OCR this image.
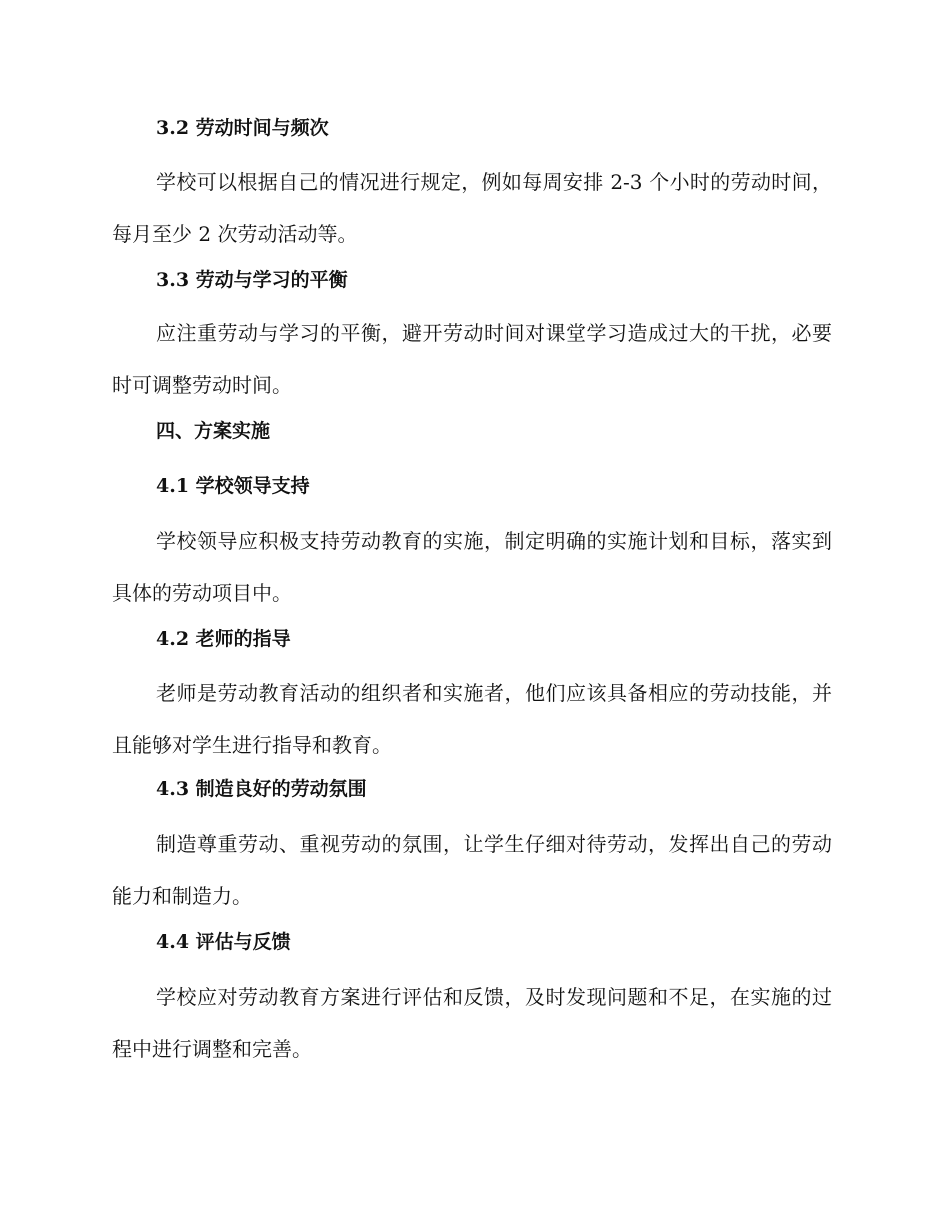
3.2 劳动时间与频次

学校可以根据自己的情况进行规定，例如每周安排 2-3 个小时的劳动时间，每月至少 2 次劳动活动等。

3.3 劳动与学习的平衡

应注重劳动与学习的平衡，避开劳动时间对课堂学习造成过大的干扰，必要时可调整劳动时间。

四、方案实施
4.1 学校领导支持

学校领导应积极支持劳动教育的实施，制定明确的实施计划和目标，落实到具体的劳动项目中。

4.2 老师的指导

老师是劳动教育活动的组织者和实施者，他们应该具备相应的劳动技能，并且能够对学生进行指导和教育。

4.3 制造良好的劳动氛围

制造尊重劳动、重视劳动的氛围，让学生仔细对待劳动，发挥出自己的劳动能力和制造力。

4.4 评估与反馈

学校应对劳动教育方案进行评估和反馈，及时发现问题和不足，在实施的过程中进行调整和完善。
